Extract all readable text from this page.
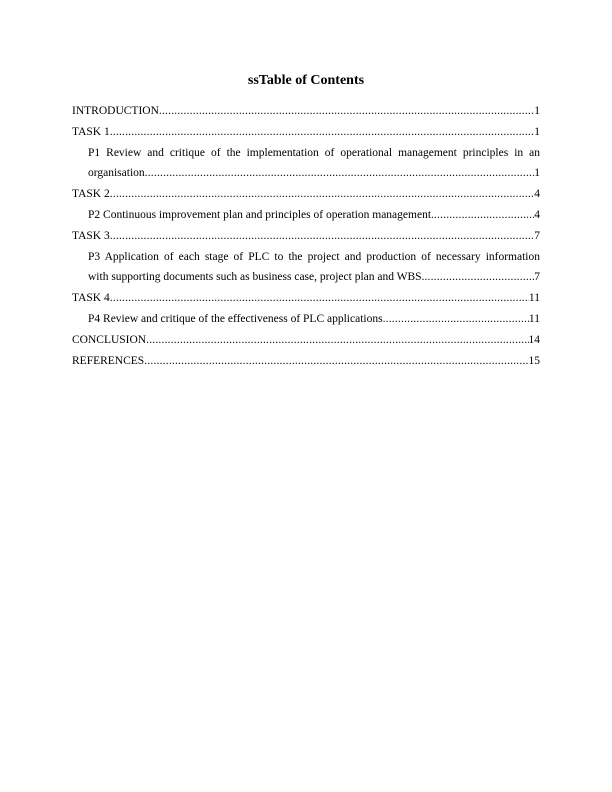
ssTable of Contents
INTRODUCTION .....	1
TASK 1 .....	1
P1 Review and critique of the implementation of operational management principles in an
organisation .....	1
TASK 2 .....	4
P2 Continuous improvement plan and principles of operation management. .....	4
TASK 3 .....	7
P3 Application of each stage of PLC to the project and production of necessary information
with supporting documents such as business case, project plan and WBS. .....	7
TASK 4 .....	11
P4 Review and critique of the effectiveness of PLC applications .....	11
CONCLUSION .....	14
REFERENCES .....	15
